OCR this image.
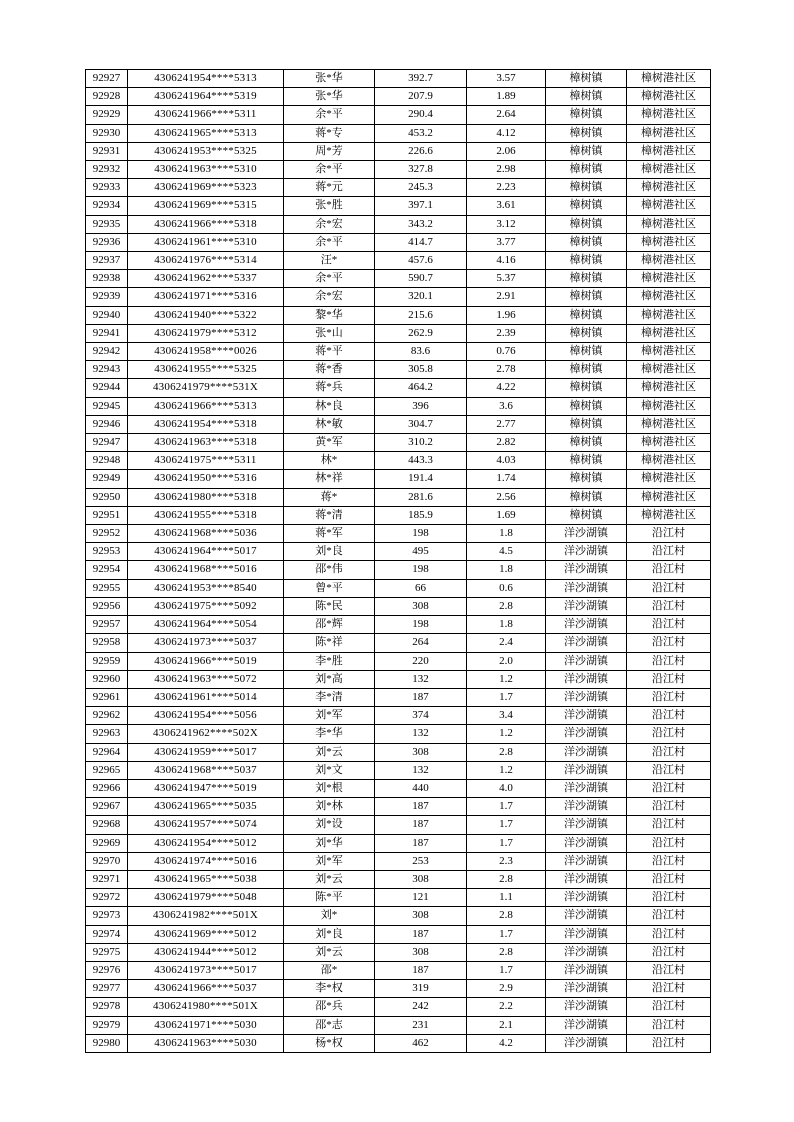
92927	4306241954****5313	张*华	392.7	3.57	樟树镇	樟树港社区
92928	4306241964****5319	张*华	207.9	1.89	樟树镇	樟树港社区
92929	4306241966****5311	余*平	290.4	2.64	樟树镇	樟树港社区
92930	4306241965****5313	蒋*专	453.2	4.12	樟树镇	樟树港社区
92931	4306241953****5325	周*芳	226.6	2.06	樟树镇	樟树港社区
92932	4306241963****5310	余*平	327.8	2.98	樟树镇	樟树港社区
92933	4306241969****5323	蒋*元	245.3	2.23	樟树镇	樟树港社区
92934	4306241969****5315	张*胜	397.1	3.61	樟树镇	樟树港社区
92935	4306241966****5318	余*宏	343.2	3.12	樟树镇	樟树港社区
92936	4306241961****5310	余*平	414.7	3.77	樟树镇	樟树港社区
92937	4306241976****5314	汪*	457.6	4.16	樟树镇	樟树港社区
92938	4306241962****5337	余*平	590.7	5.37	樟树镇	樟树港社区
92939	4306241971****5316	余*宏	320.1	2.91	樟树镇	樟树港社区
92940	4306241940****5322	黎*华	215.6	1.96	樟树镇	樟树港社区
92941	4306241979****5312	张*山	262.9	2.39	樟树镇	樟树港社区
92942	4306241958****0026	蒋*平	83.6	0.76	樟树镇	樟树港社区
92943	4306241955****5325	蒋*香	305.8	2.78	樟树镇	樟树港社区
92944	4306241979****531X	蒋*兵	464.2	4.22	樟树镇	樟树港社区
92945	4306241966****5313	林*良	396	3.6	樟树镇	樟树港社区
92946	4306241954****5318	林*敏	304.7	2.77	樟树镇	樟树港社区
92947	4306241963****5318	黄*军	310.2	2.82	樟树镇	樟树港社区
92948	4306241975****5311	林*	443.3	4.03	樟树镇	樟树港社区
92949	4306241950****5316	林*祥	191.4	1.74	樟树镇	樟树港社区
92950	4306241980****5318	蒋*	281.6	2.56	樟树镇	樟树港社区
92951	4306241955****5318	蒋*清	185.9	1.69	樟树镇	樟树港社区
92952	4306241968****5036	蒋*军	198	1.8	洋沙湖镇	沿江村
92953	4306241964****5017	刘*良	495	4.5	洋沙湖镇	沿江村
92954	4306241968****5016	邵*伟	198	1.8	洋沙湖镇	沿江村
92955	4306241953****8540	曾*平	66	0.6	洋沙湖镇	沿江村
92956	4306241975****5092	陈*民	308	2.8	洋沙湖镇	沿江村
92957	4306241964****5054	邵*辉	198	1.8	洋沙湖镇	沿江村
92958	4306241973****5037	陈*祥	264	2.4	洋沙湖镇	沿江村
92959	4306241966****5019	李*胜	220	2.0	洋沙湖镇	沿江村
92960	4306241963****5072	刘*高	132	1.2	洋沙湖镇	沿江村
92961	4306241961****5014	李*清	187	1.7	洋沙湖镇	沿江村
92962	4306241954****5056	刘*军	374	3.4	洋沙湖镇	沿江村
92963	4306241962****502X	李*华	132	1.2	洋沙湖镇	沿江村
92964	4306241959****5017	刘*云	308	2.8	洋沙湖镇	沿江村
92965	4306241968****5037	刘*文	132	1.2	洋沙湖镇	沿江村
92966	4306241947****5019	刘*根	440	4.0	洋沙湖镇	沿江村
92967	4306241965****5035	刘*林	187	1.7	洋沙湖镇	沿江村
92968	4306241957****5074	刘*设	187	1.7	洋沙湖镇	沿江村
92969	4306241954****5012	刘*华	187	1.7	洋沙湖镇	沿江村
92970	4306241974****5016	刘*军	253	2.3	洋沙湖镇	沿江村
92971	4306241965****5038	刘*云	308	2.8	洋沙湖镇	沿江村
92972	4306241979****5048	陈*平	121	1.1	洋沙湖镇	沿江村
92973	4306241982****501X	刘*	308	2.8	洋沙湖镇	沿江村
92974	4306241969****5012	刘*良	187	1.7	洋沙湖镇	沿江村
92975	4306241944****5012	刘*云	308	2.8	洋沙湖镇	沿江村
92976	4306241973****5017	邵*	187	1.7	洋沙湖镇	沿江村
92977	4306241966****5037	李*权	319	2.9	洋沙湖镇	沿江村
92978	4306241980****501X	邵*兵	242	2.2	洋沙湖镇	沿江村
92979	4306241971****5030	邵*志	231	2.1	洋沙湖镇	沿江村
92980	4306241963****5030	杨*权	462	4.2	洋沙湖镇	沿江村
